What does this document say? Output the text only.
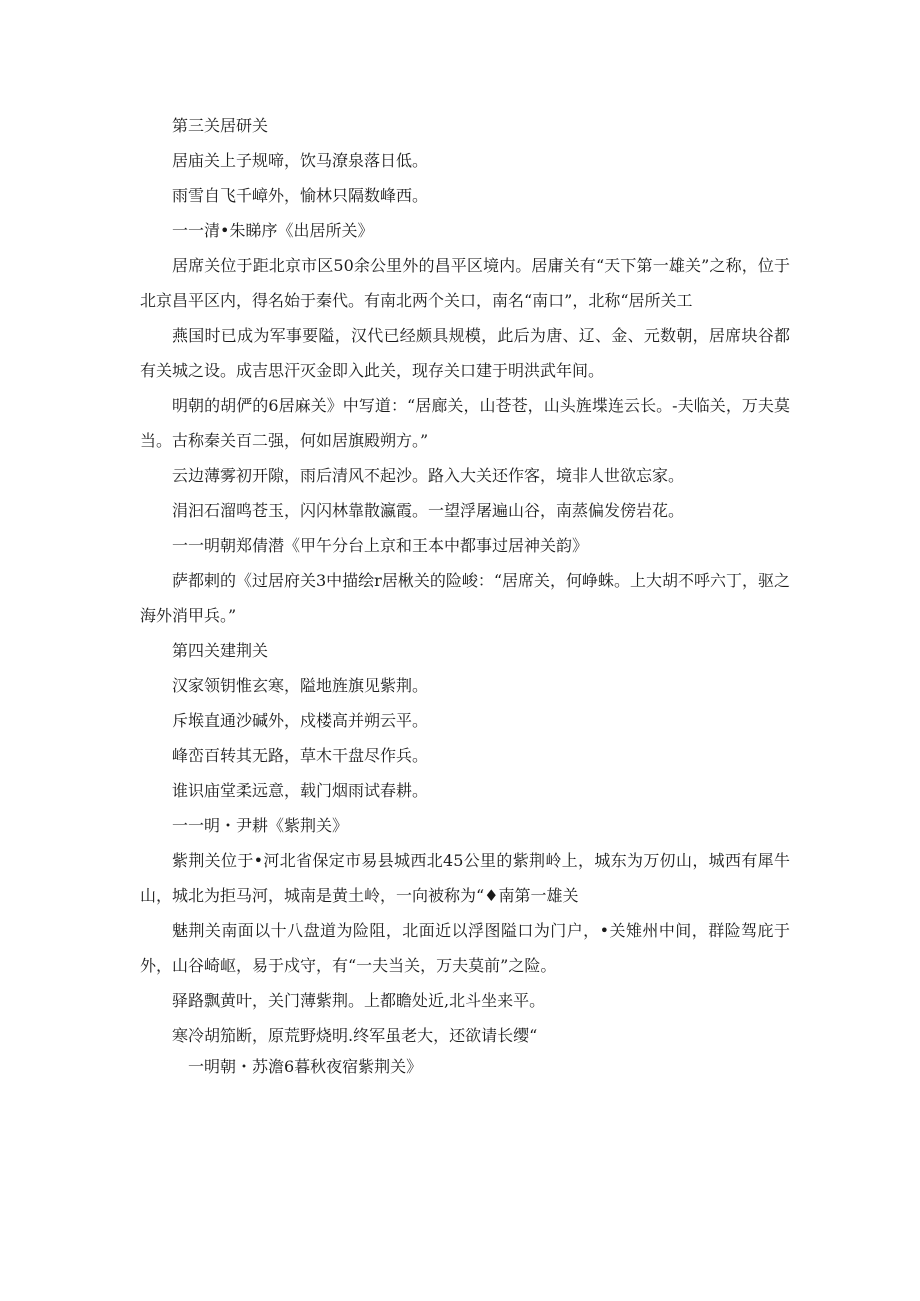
第三关居研关

居庙关上子规啼，饮马潦泉落日低。

雨雪自飞千嶂外，愉林只隔数峰西。

一一清•朱睇序《出居所关》

居席关位于距北京市区50余公里外的昌平区境内。居庸关有“天下第一雄关”之称，位于北京昌平区内，得名始于秦代。有南北两个关口，南名“南口”，北称“居所关工

燕国时已成为军事要隘，汉代已经颇具规模，此后为唐、辽、金、元数朝，居席块谷都有关城之设。成吉思汗灭金即入此关，现存关口建于明洪武年间。

明朝的胡俨的6居麻关》中写道：“居廊关，山苍苍，山头旌堞连云长。-夫临关，万夫莫当。古称秦关百二强，何如居旗殿朔方。”

云边薄雾初开隙，雨后清风不起沙。路入大关还作客，境非人世欲忘家。

涓汩石溜鸣苍玉，闪闪林靠散瀛霞。一望浮屠遍山谷，南蒸偏发傍岩花。

一一明朝郑倩潜《甲午分台上京和王本中都事过居神关韵》

萨都剌的《过居府关3中描绘r居楸关的险峻：“居席关，何峥蛛。上大胡不呼六丁，驱之海外消甲兵。”

第四关建荆关

汉家领钥惟玄寒，隘地旌旗见紫荆。

斥堠直通沙碱外，戍楼高并朔云平。

峰峦百转其无路，草木干盘尽作兵。

谁识庙堂柔远意，载门烟雨试春耕。

一一明・尹耕《紫荆关》

紫荆关位于•河北省保定市易县城西北45公里的紫荆岭上，城东为万仞山，城西有犀牛山，城北为拒马河，城南是黄土岭，一向被称为“♦南第一雄关

魅荆关南面以十八盘道为险阻，北面近以浮图隘口为门户，•关雉州中间，群险驾庇于外，山谷崎岖，易于戍守，有“一夫当关，万夫莫前”之险。

驿路飘黄叶，关门薄紫荆。上都瞻处近,北斗坐来平。

寒冷胡笳断，原荒野烧明.终军虽老大，还欲请长缨“

一明朝・苏澹6暮秋夜宿紫荆关》
